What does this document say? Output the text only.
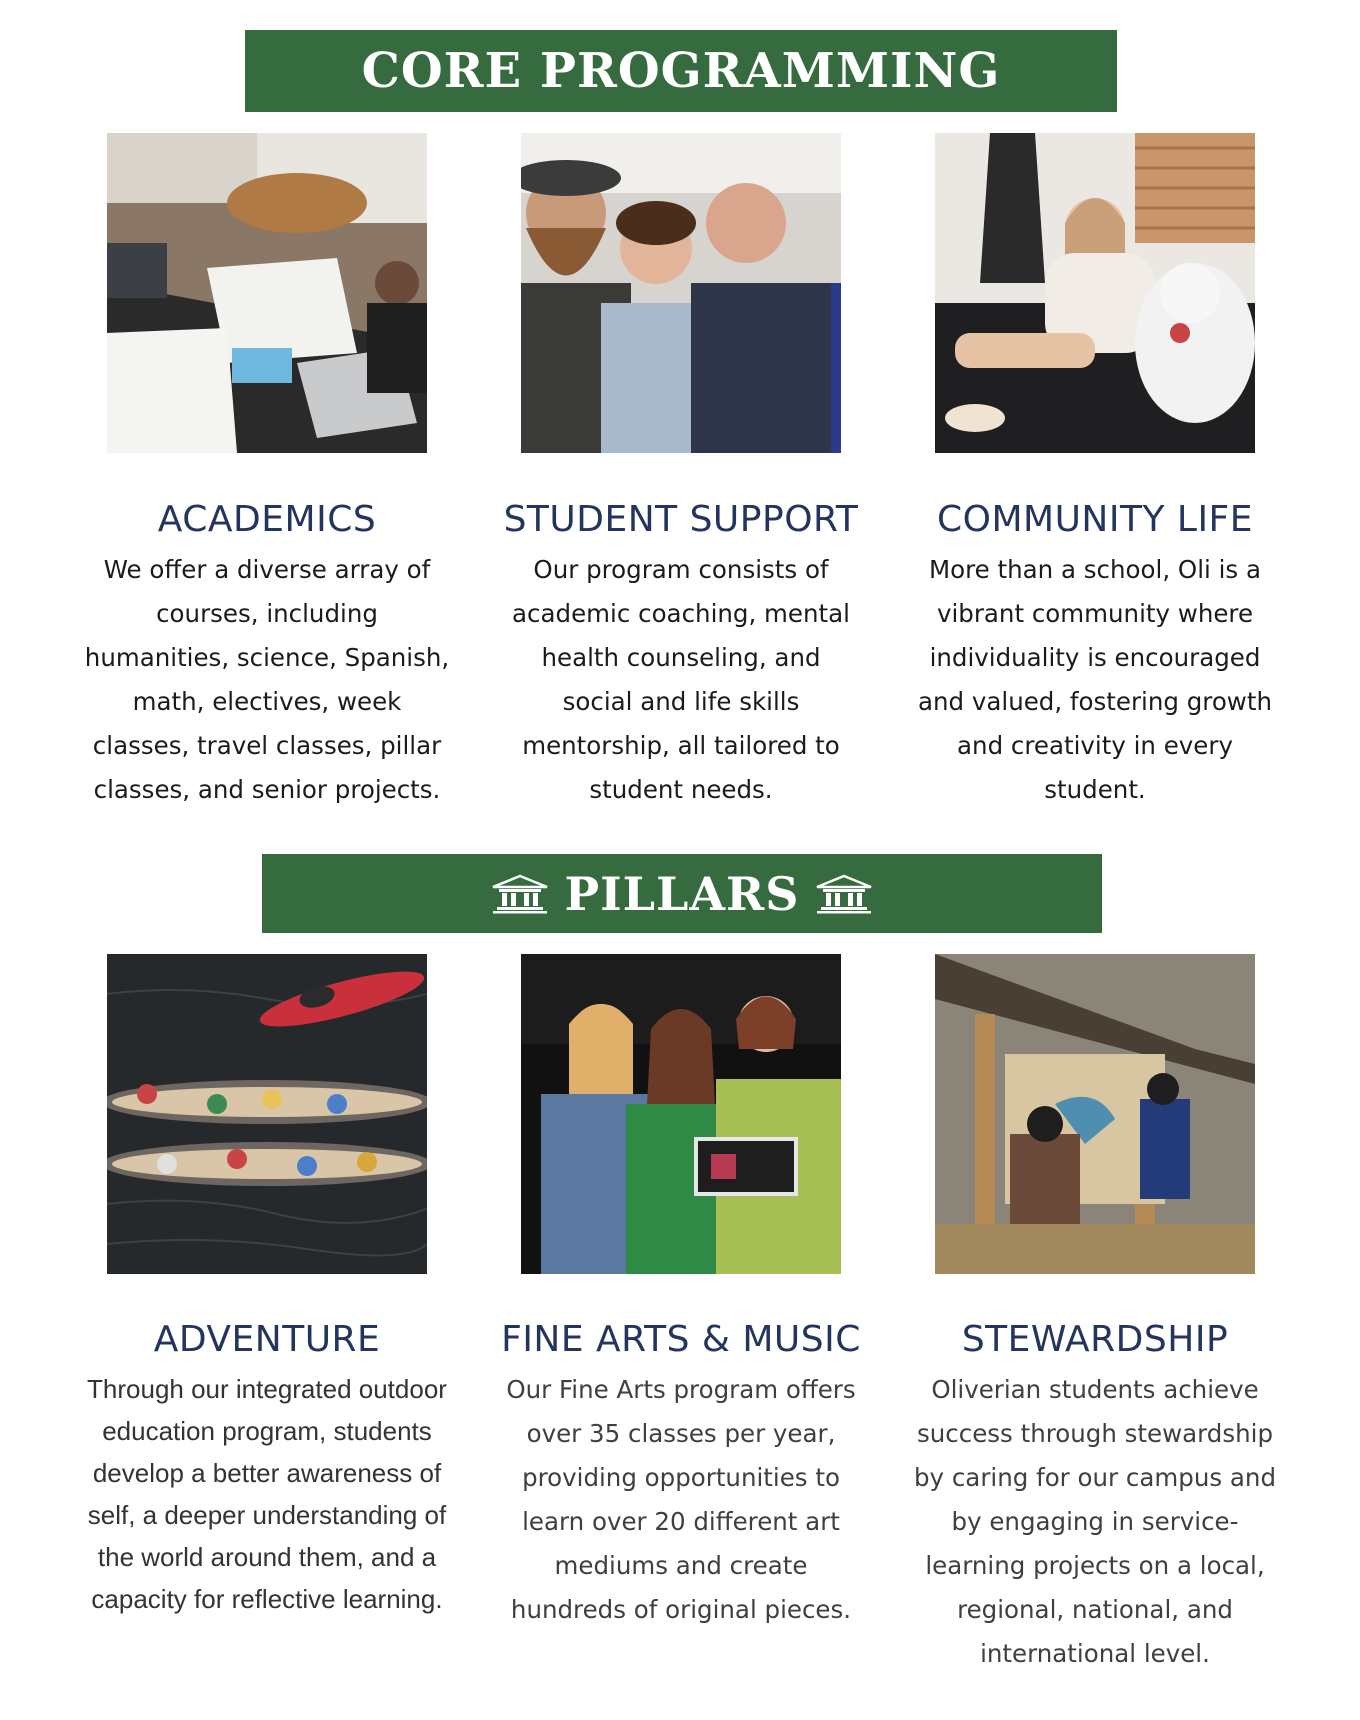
CORE PROGRAMMING
ACADEMICS

We offer a diverse array of courses, including humanities, science, Spanish, math, electives, week classes, travel classes, pillar classes, and senior projects.

STUDENT SUPPORT

Our program consists of academic coaching, mental health counseling, and social and life skills mentorship, all tailored to student needs.

COMMUNITY LIFE

More than a school, Oli is a vibrant community where individuality is encouraged and valued, fostering growth and creativity in every student.

PILLARS
ADVENTURE

Through our integrated outdoor education program, students develop a better awareness of self, a deeper understanding of the world around them, and a capacity for reflective learning.

FINE ARTS & MUSIC

Our Fine Arts program offers over 35 classes per year, providing opportunities to learn over 20 different art mediums and create hundreds of original pieces.

STEWARDSHIP

Oliverian students achieve success through stewardship by caring for our campus and by engaging in service-learning projects on a local, regional, national, and international level.
